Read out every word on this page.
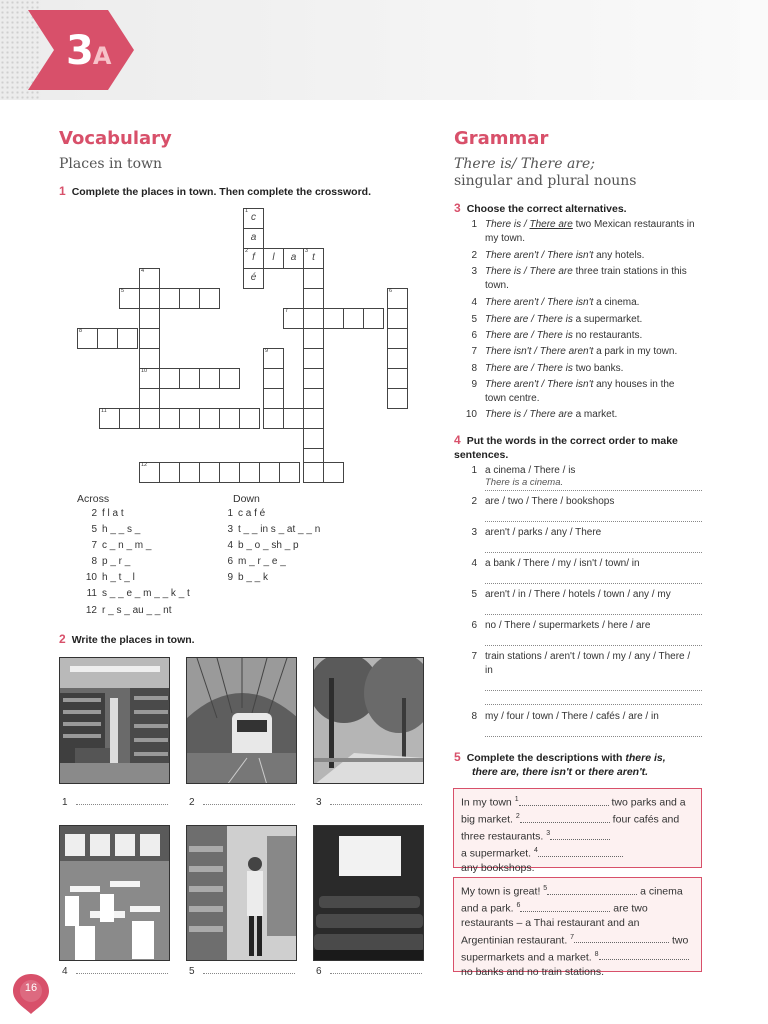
3A
Vocabulary
Places in town
1 Complete the places in town. Then complete the crossword.
1
c
a
2
f
é
l	a
3
t
4
5	6
7
8
9
10
11
12
Across
2 f l a t
5 h _ _ s _
7 c _ n _ m _
8 p _ r _
10 h _ t _ l
11 s _ _ e _ m _ _ k _ t
12 r _ s _ au _ _ nt
Down
1 c a f é
3 t _ _ in s _ at _ _ n
4 b _ o _ sh _ p
6 m _ r _ e _
9 b _ _ k
2 Write the places in town.
1	2	3
4	5	6
Grammar
There is/ There are;
singular and plural nouns
3 Choose the correct alternatives.
1 There is / There are two Mexican restaurants in my town.
2 There aren't / There isn't any hotels.
3 There is / There are three train stations in this town.
4 There aren't / There isn't a cinema.
5 There are / There is a supermarket.
6 There are / There is no restaurants.
7 There isn't / There aren't a park in my town.
8 There are / There is two banks.
9 There aren't / There isn't any houses in the town centre.
10 There is / There are a market.
4 Put the words in the correct order to make sentences.
1 a cinema / There / is
There is a cinema.
2 are / two / There / bookshops
3 aren't / parks / any / There
4 a bank / There / my / isn't / town/ in
5 aren't / in / There / hotels / town / any / my
6 no / There / supermarkets / here / are
7 train stations / aren't / town / my / any / There / in
8 my / four / town / There / cafés / are / in
5 Complete the descriptions with there is,
there are, there isn't or there aren't.
In my town $^1$	two parks and a big market. $^2$	four cafés and three restaurants. $^3$
a supermarket. $^4$
any bookshops.
My town is great! $^5$	a cinema and a park. $^6$	are two restaurants – a Thai restaurant and an Argentinian restaurant. $^7$	two supermarkets and a market. $^8$ no banks and no train stations.
16
